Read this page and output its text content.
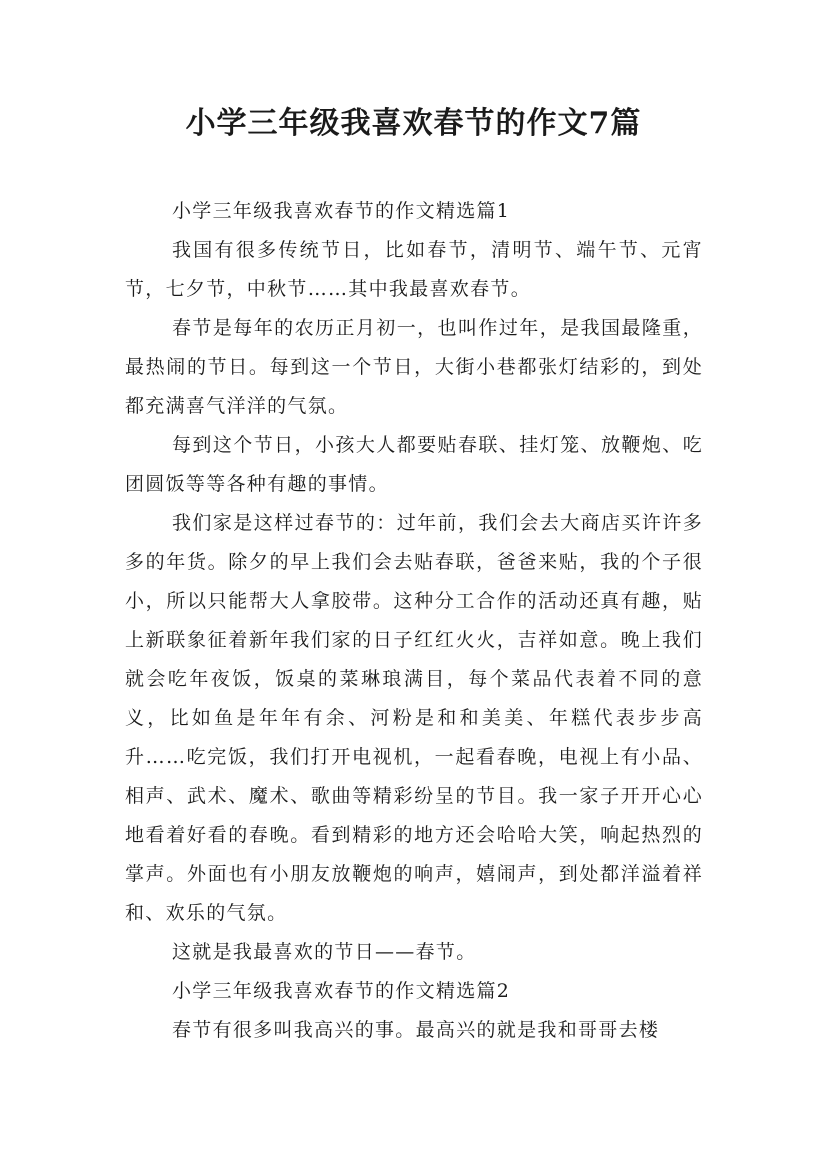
小学三年级我喜欢春节的作文7篇

小学三年级我喜欢春节的作文精选篇1

我国有很多传统节日，比如春节，清明节、端午节、元宵节，七夕节，中秋节……其中我最喜欢春节。

春节是每年的农历正月初一，也叫作过年，是我国最隆重，最热闹的节日。每到这一个节日，大街小巷都张灯结彩的，到处都充满喜气洋洋的气氛。

每到这个节日，小孩大人都要贴春联、挂灯笼、放鞭炮、吃团圆饭等等各种有趣的事情。

我们家是这样过春节的：过年前，我们会去大商店买许许多多的年货。除夕的早上我们会去贴春联，爸爸来贴，我的个子很小，所以只能帮大人拿胶带。这种分工合作的活动还真有趣，贴上新联象征着新年我们家的日子红红火火，吉祥如意。晚上我们就会吃年夜饭，饭桌的菜琳琅满目，每个菜品代表着不同的意义，比如鱼是年年有余、河粉是和和美美、年糕代表步步高升……吃完饭，我们打开电视机，一起看春晚，电视上有小品、相声、武术、魔术、歌曲等精彩纷呈的节目。我一家子开开心心地看着好看的春晚。看到精彩的地方还会哈哈大笑，响起热烈的掌声。外面也有小朋友放鞭炮的响声，嬉闹声，到处都洋溢着祥和、欢乐的气氛。

这就是我最喜欢的节日——春节。

小学三年级我喜欢春节的作文精选篇2

春节有很多叫我高兴的事。最高兴的就是我和哥哥去楼
